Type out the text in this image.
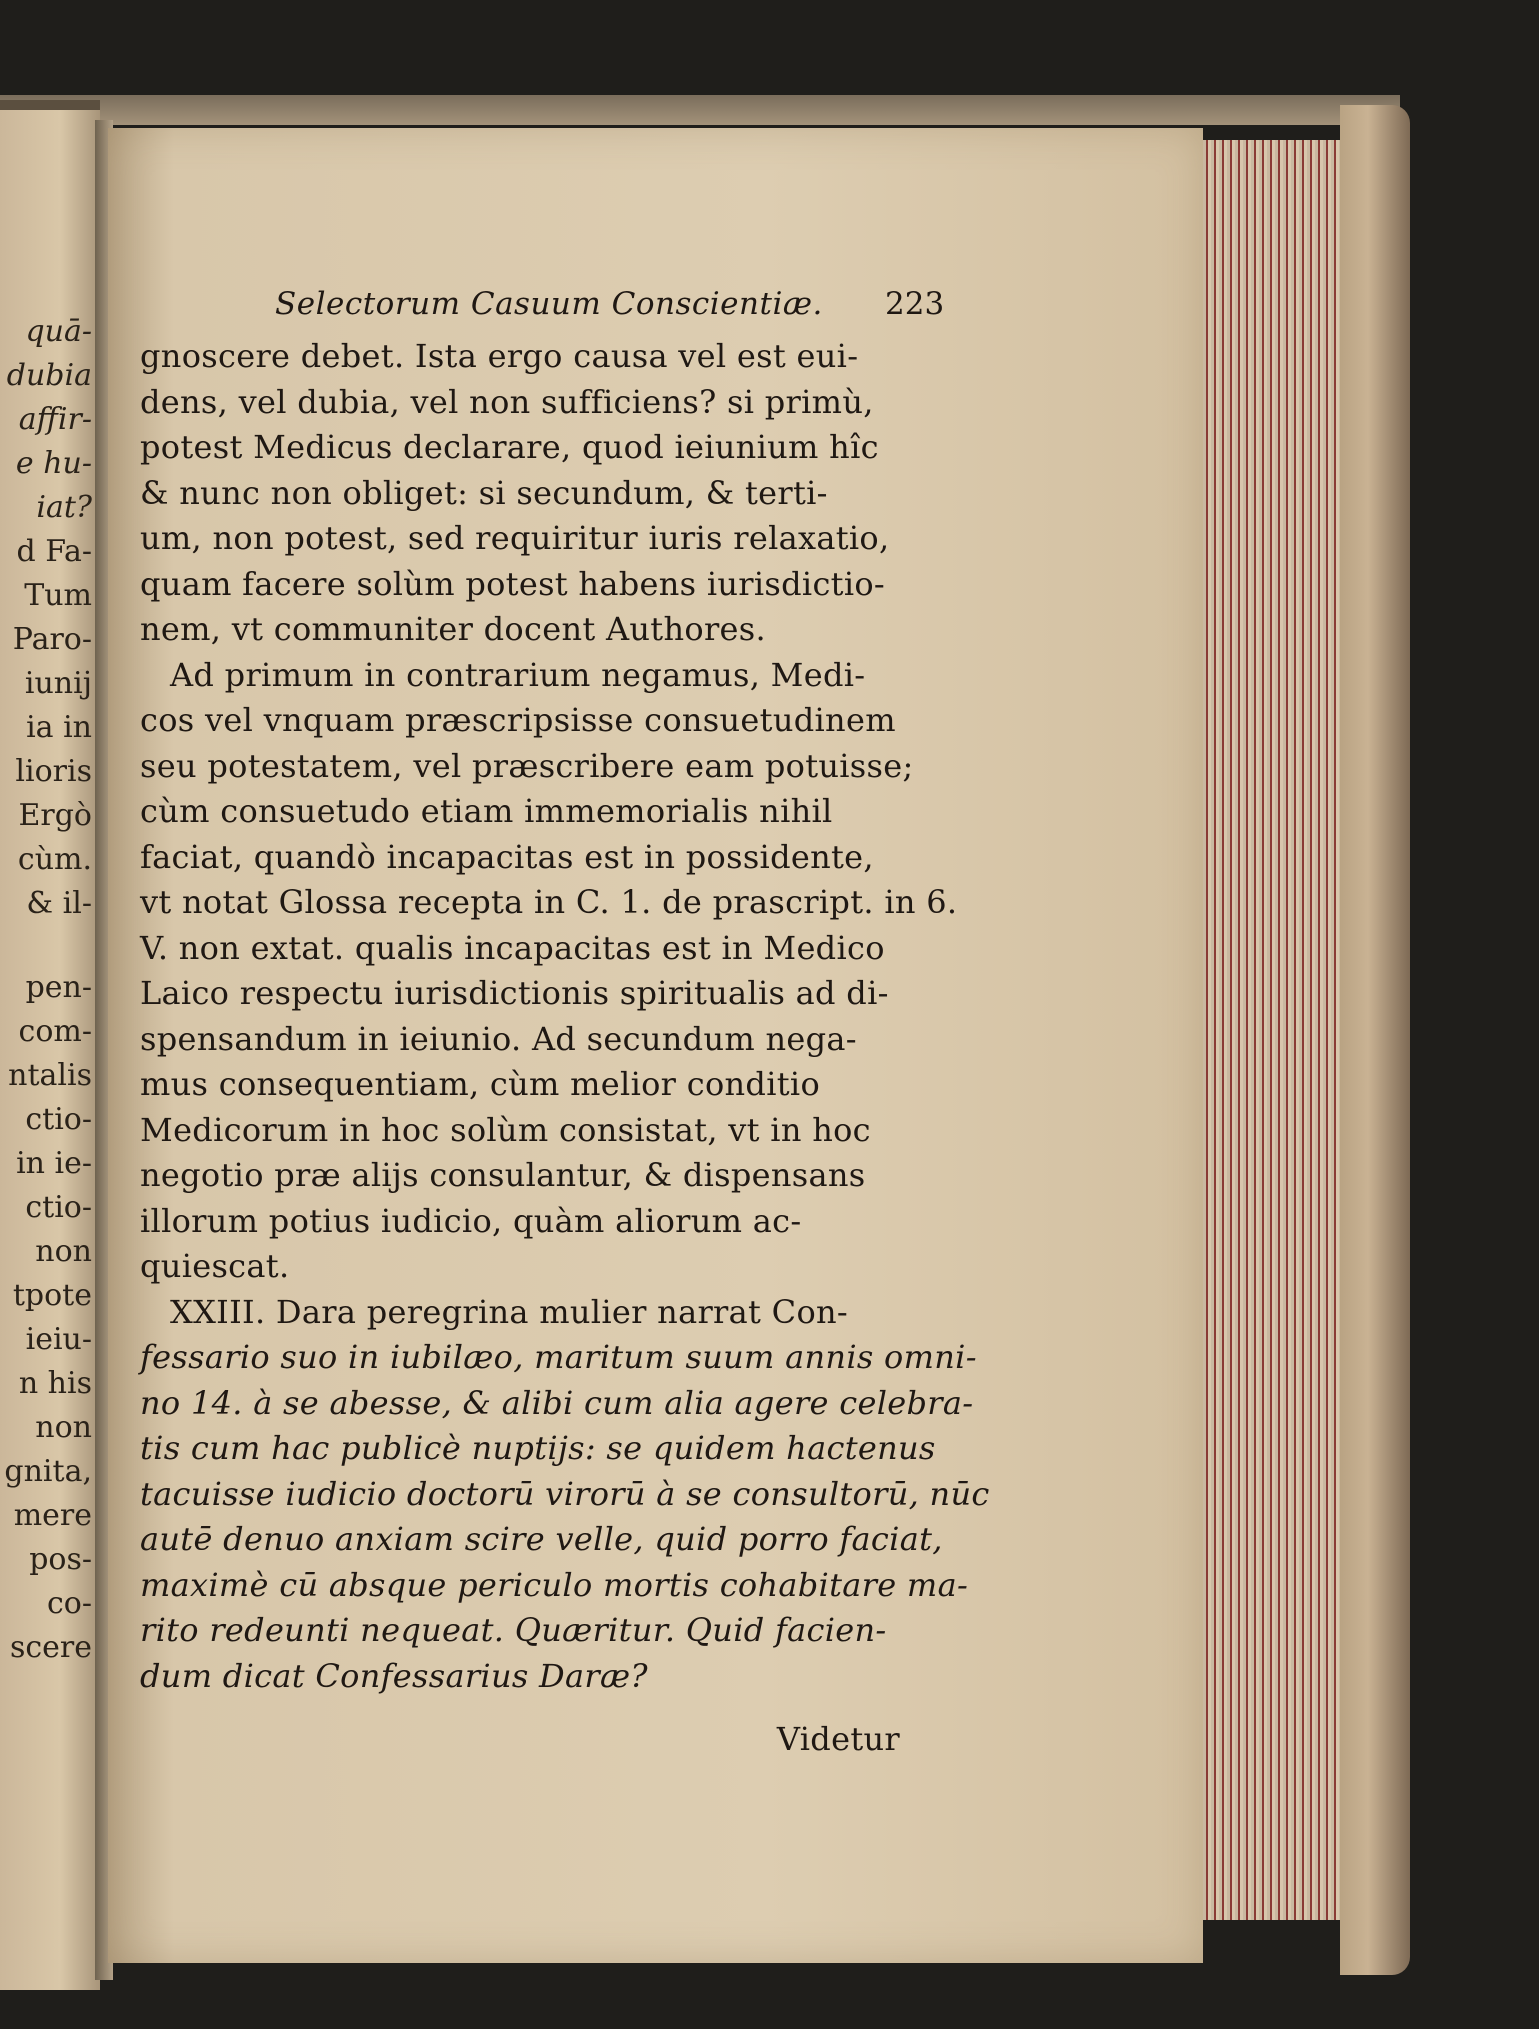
quā-
dubia
affir-
e hu-
iat?
d Fa-
Tum
Paro-
iunij
ia in
lioris
Ergò
cùm.
& il-
pen-
com-
ntalis
ctio-
in ie-
ctio-
non
tpote
ieiu-
n his
non
gnita,
mere
pos-
co-
scere
Selectorum Casuum Conscientiæ. 223
gnoscere debet. Ista ergo causa vel est eui-
dens, vel dubia, vel non sufficiens? si primù,
potest Medicus declarare, quod ieiunium hîc
& nunc non obliget: si secundum, & terti-
um, non potest, sed requiritur iuris relaxatio,
quam facere solùm potest habens iurisdictio-
nem, vt communiter docent Authores.
Ad primum in contrarium negamus, Medi-
cos vel vnquam præscripsisse consuetudinem
seu potestatem, vel præscribere eam potuisse;
cùm consuetudo etiam immemorialis nihil
faciat, quandò incapacitas est in possidente,
vt notat Glossa recepta in C. 1. de prascript. in 6.
V. non extat. qualis incapacitas est in Medico
Laico respectu iurisdictionis spiritualis ad di-
spensandum in ieiunio. Ad secundum nega-
mus consequentiam, cùm melior conditio
Medicorum in hoc solùm consistat, vt in hoc
negotio præ alijs consulantur, & dispensans
illorum potius iudicio, quàm aliorum ac-
quiescat.
XXIII. Dara peregrina mulier narrat Con-
fessario suo in iubilæo, maritum suum annis omni-
no 14. à se abesse, & alibi cum alia agere celebra-
tis cum hac publicè nuptijs: se quidem hactenus
tacuisse iudicio doctorū virorū à se consultorū, nūc
autē denuo anxiam scire velle, quid porro faciat,
maximè cū absque periculo mortis cohabitare ma-
rito redeunti nequeat. Quæritur. Quid facien-
dum dicat Confessarius Daræ?
Videtur
